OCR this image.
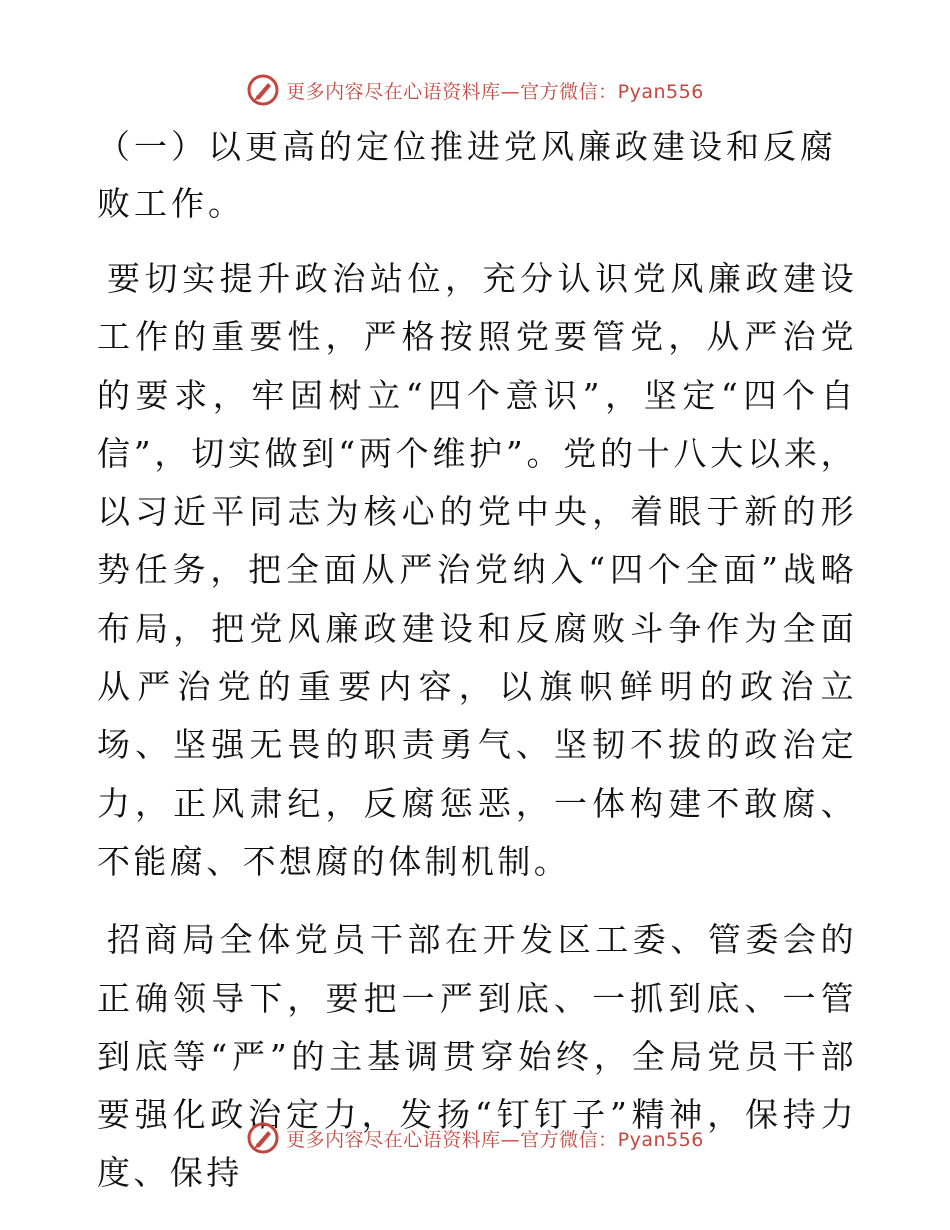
更多内容尽在心语资料库—官方微信：Pyan556

（一）以更高的定位推进党风廉政建设和反腐败工作。

要切实提升政治站位，充分认识党风廉政建设工作的重要性，严格按照党要管党，从严治党的要求，牢固树立“四个意识”，坚定“四个自信”，切实做到“两个维护”。党的十八大以来，以习近平同志为核心的党中央，着眼于新的形势任务，把全面从严治党纳入“四个全面”战略布局，把党风廉政建设和反腐败斗争作为全面从严治党的重要内容，以旗帜鲜明的政治立场、坚强无畏的职责勇气、坚韧不拔的政治定力，正风肃纪，反腐惩恶，一体构建不敢腐、不能腐、不想腐的体制机制。

招商局全体党员干部在开发区工委、管委会的正确领导下，要把一严到底、一抓到底、一管到底等“严”的主基调贯穿始终，全局党员干部要强化政治定力，发扬“钉钉子”精神，保持力度、保持

更多内容尽在心语资料库—官方微信：Pyan556
